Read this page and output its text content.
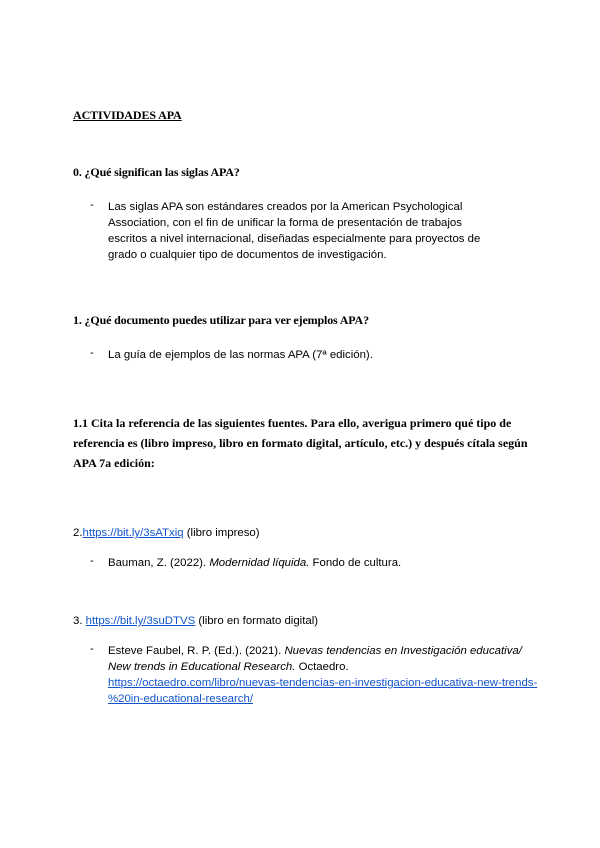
ACTIVIDADES APA
0. ¿Qué significan las siglas APA?
- Las siglas APA son estándares creados por la American Psychological
Association, con el fin de unificar la forma de presentación de trabajos
escritos a nivel internacional, diseñadas especialmente para proyectos de
grado o cualquier tipo de documentos de investigación.
1. ¿Qué documento puedes utilizar para ver ejemplos APA?
- La guía de ejemplos de las normas APA (7ª edición).
1.1 Cita la referencia de las siguientes fuentes. Para ello, averigua primero qué tipo de
referencia es (libro impreso, libro en formato digital, artículo, etc.) y después cítala según
APA 7a edición:
2.https://bit.ly/3sATxiq (libro impreso)
- Bauman, Z. (2022). Modernidad líquida. Fondo de cultura.
3. https://bit.ly/3suDTVS (libro en formato digital)
- Esteve Faubel, R. P. (Ed.). (2021). Nuevas tendencias en Investigación educativa/
New trends in Educational Research. Octaedro.
https://octaedro.com/libro/nuevas-tendencias-en-investigacion-educativa-new-trends-
%20in-educational-research/
